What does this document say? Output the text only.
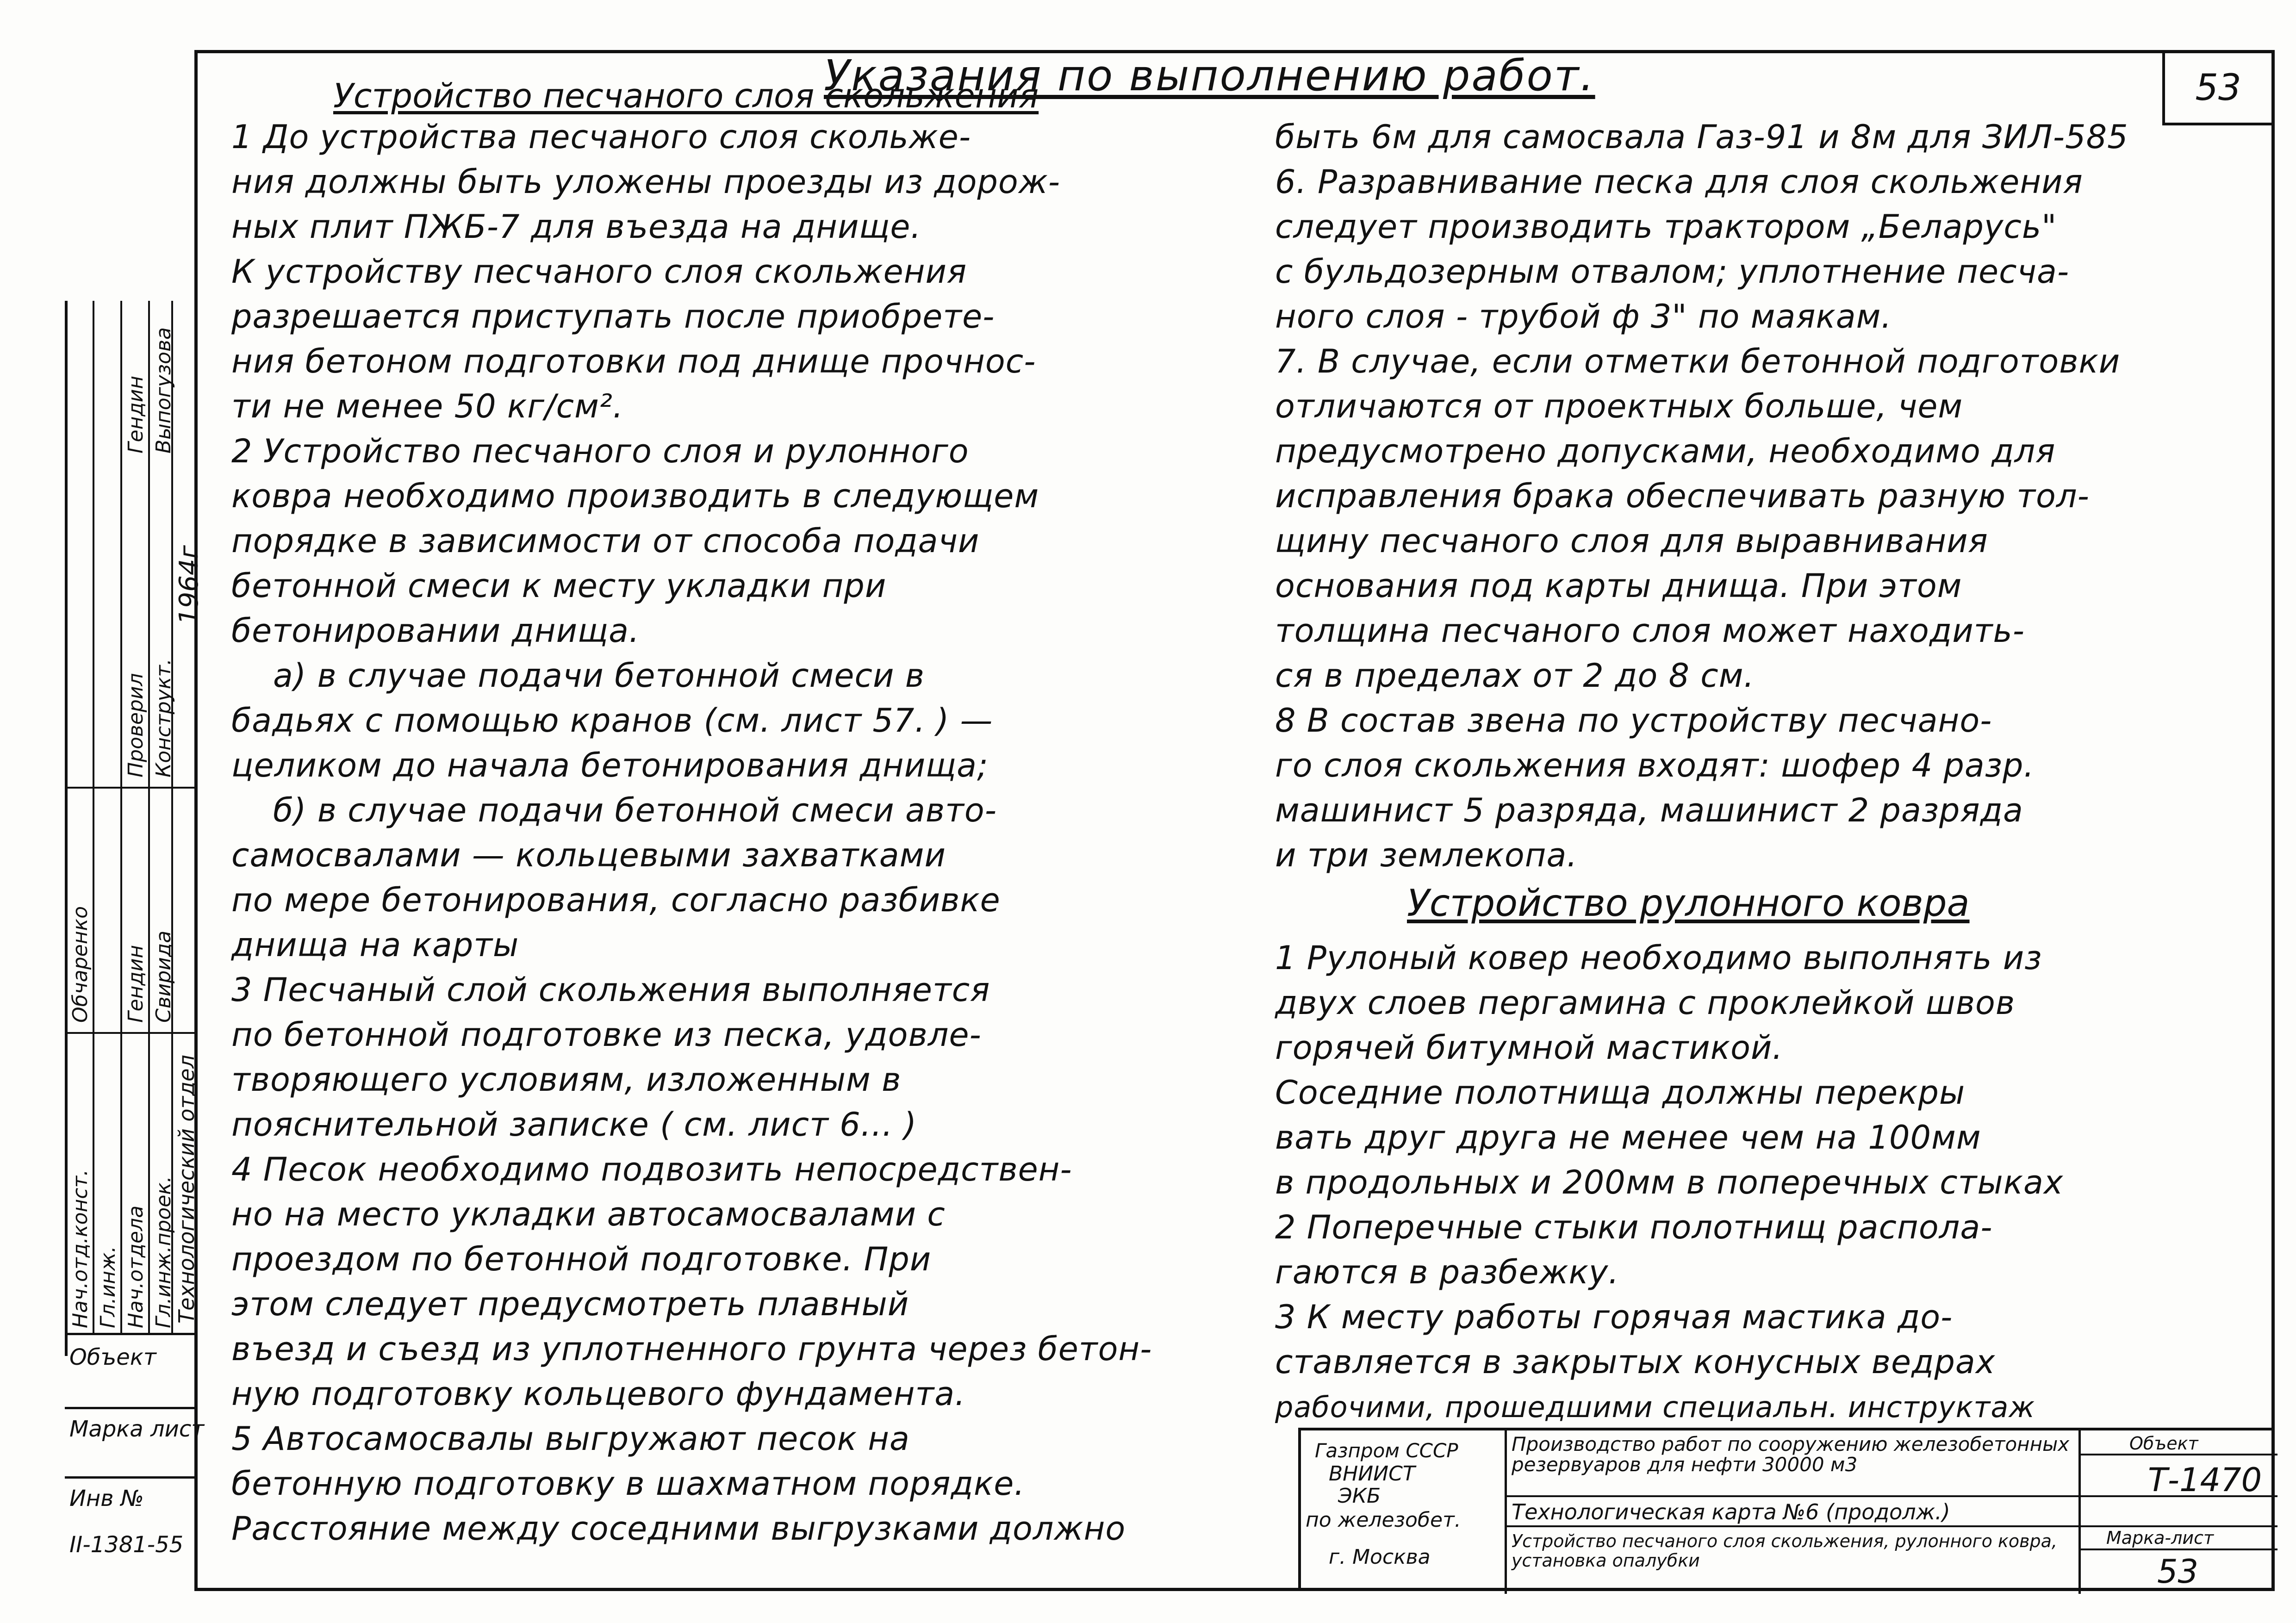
53
Указания по выполнению работ.
Устройство песчаного слоя скольжения
1 До устройства песчаного слоя скольже-
ния должны быть уложены проезды из дорож-
ных плит ПЖБ-7 для въезда на днище.
К устройству песчаного слоя скольжения
разрешается приступать после приобрете-
ния бетоном подготовки под днище прочнос-
ти не менее 50 кг/см².
2 Устройство песчаного слоя и рулонного
ковра необходимо производить в следующем
порядке в зависимости от способа подачи
бетонной смеси к месту укладки при
бетонировании днища.
а) в случае подачи бетонной смеси в
бадьях с помощью кранов (см. лист 57. ) —
целиком до начала бетонирования днища;
б) в случае подачи бетонной смеси авто-
самосвалами — кольцевыми захватками
по мере бетонирования, согласно разбивке
днища на карты
3 Песчаный слой скольжения выполняется
по бетонной подготовке из песка, удовле-
творяющего условиям, изложенным в
пояснительной записке ( см. лист 6... )
4 Песок необходимо подвозить непосредствен-
но на место укладки автосамосвалами с
проездом по бетонной подготовке. При
этом следует предусмотреть плавный
въезд и съезд из уплотненного грунта через бетон-
ную подготовку кольцевого фундамента.
5 Автосамосвалы выгружают песок на
бетонную подготовку в шахматном порядке.
Расстояние между соседними выгрузками должно
быть 6м для самосвала Газ-91 и 8м для ЗИЛ-585
6. Разравнивание песка для слоя скольжения
следует производить трактором „Беларусь"
с бульдозерным отвалом; уплотнение песча-
ного слоя - трубой ф 3" по маякам.
7. В случае, если отметки бетонной подготовки
отличаются от проектных больше, чем
предусмотрено допусками, необходимо для
исправления брака обеспечивать разную тол-
щину песчаного слоя для выравнивания
основания под карты днища. При этом
толщина песчаного слоя может находить-
ся в пределах от 2 до 8 см.
8 В состав звена по устройству песчано-
го слоя скольжения входят: шофер 4 разр.
машинист 5 разряда, машинист 2 разряда
и три землекопа.
Устройство рулонного ковра
1 Рулоный ковер необходимо выполнять из
двух слоев пергамина с проклейкой швов
горячей битумной мастикой.
Соседние полотнища должны перекры
вать друг друга не менее чем на 100мм
в продольных и 200мм в поперечных стыках
2 Поперечные стыки полотнищ распола-
гаются в разбежку.
3 К месту работы горячая мастика до-
ставляется в закрытых конусных ведрах
рабочими, прошедшими специальн. инструктаж
Нач.отд.конст. Гл.инж. Нач.отдела Гл.инж.проек.
Обчаренко Гендин Свирида
Проверил
Гендин
Конструкт.
Выпогузова
1964г.
Технологический отдел
Объект
Марка лист
Инв №
II-1381-55
Газпром СССР
ВНИИСТ
ЭКБ
по железобет.
г. Москва
Производство работ по сооружению железобетонных резервуаров для нефти 30000 м3
Технологическая карта №6 (продолж.)
Устройство песчаного слоя скольжения, рулонного ковра, установка опалубки
Объект
Т-1470
Марка-лист
53
